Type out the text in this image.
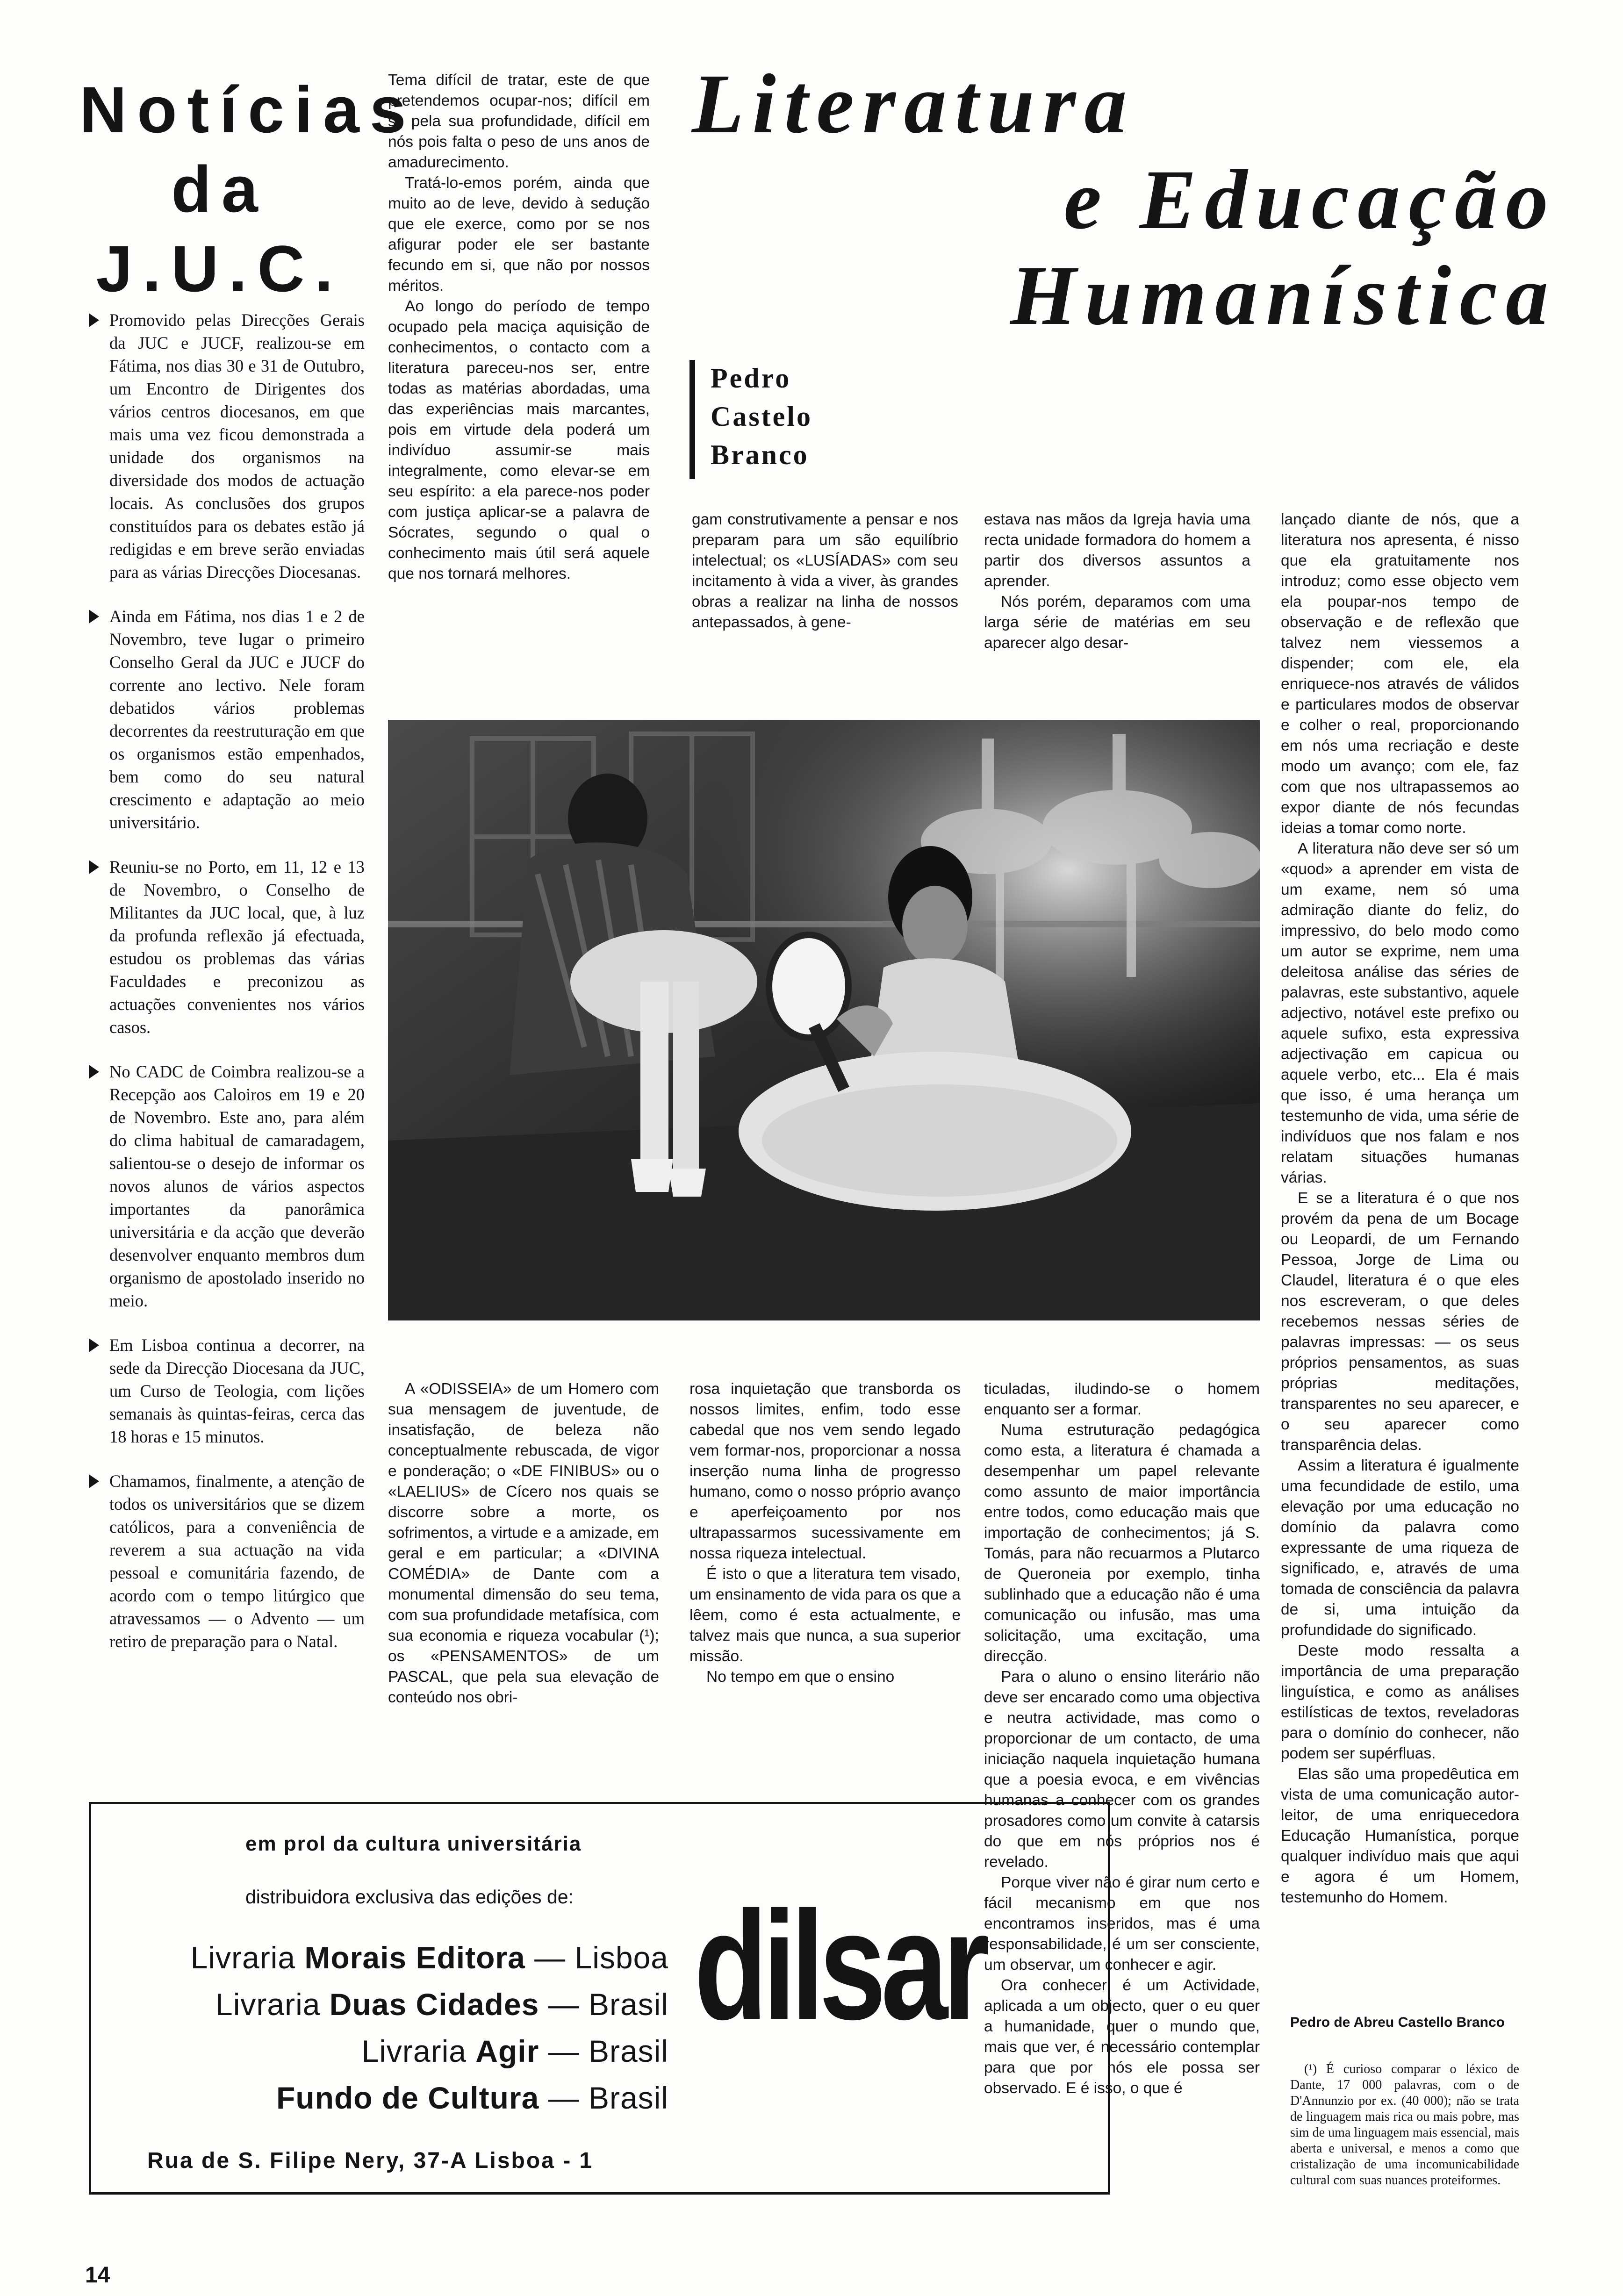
Notícias
da
J.U.C.

Promovido pelas Direcções Gerais da JUC e JUCF, realizou-se em Fátima, nos dias 30 e 31 de Outubro, um Encontro de Dirigentes dos vários centros diocesanos, em que mais uma vez ficou demonstrada a unidade dos organismos na diversidade dos modos de actuação locais. As conclusões dos grupos constituídos para os debates estão já redigidas e em breve serão enviadas para as várias Direcções Diocesanas.

Ainda em Fátima, nos dias 1 e 2 de Novembro, teve lugar o primeiro Conselho Geral da JUC e JUCF do corrente ano lectivo. Nele foram debatidos vários problemas decorrentes da reestruturação em que os organismos estão empenhados, bem como do seu natural crescimento e adaptação ao meio universitário.

Reuniu-se no Porto, em 11, 12 e 13 de Novembro, o Conselho de Militantes da JUC local, que, à luz da profunda reflexão já efectuada, estudou os problemas das várias Faculdades e preconizou as actuações convenientes nos vários casos.

No CADC de Coimbra realizou-se a Recepção aos Caloiros em 19 e 20 de Novembro. Este ano, para além do clima habitual de camaradagem, salientou-se o desejo de informar os novos alunos de vários aspectos importantes da panorâmica universitária e da acção que deverão desenvolver enquanto membros dum organismo de apostolado inserido no meio.

Em Lisboa continua a decorrer, na sede da Direcção Diocesana da JUC, um Curso de Teologia, com lições semanais às quintas-feiras, cerca das 18 horas e 15 minutos.

Chamamos, finalmente, a atenção de todos os universitários que se dizem católicos, para a conveniência de reverem a sua actuação na vida pessoal e comunitária fazendo, de acordo com o tempo litúrgico que atravessamos — o Advento — um retiro de preparação para o Natal.

Tema difícil de tratar, este de que pretendemos ocupar-nos; difícil em si, pela sua profundidade, difícil em nós pois falta o peso de uns anos de amadurecimento.

Tratá-lo-emos porém, ainda que muito ao de leve, devido à sedução que ele exerce, como por se nos afigurar poder ele ser bastante fecundo em si, que não por nossos méritos.

Ao longo do período de tempo ocupado pela maciça aquisição de conhecimentos, o contacto com a literatura pareceu-nos ser, entre todas as matérias abordadas, uma das experiências mais marcantes, pois em virtude dela poderá um indivíduo assumir-se mais integralmente, como elevar-se em seu espírito: a ela parece-nos poder com justiça aplicar-se a palavra de Sócrates, segundo o qual o conhecimento mais útil será aquele que nos tornará melhores.

Literatura
e Educação
Humanística
Pedro
Castelo
Branco

gam construtivamente a pensar e nos preparam para um são equilíbrio intelectual; os «LUSÍADAS» com seu incitamento à vida a viver, às grandes obras a realizar na linha de nossos antepassados, à gene-

estava nas mãos da Igreja havia uma recta unidade formadora do homem a partir dos diversos assuntos a aprender.

Nós porém, deparamos com uma larga série de matérias em seu aparecer algo desar-

lançado diante de nós, que a literatura nos apresenta, é nisso que ela gratuitamente nos introduz; como esse objecto vem ela poupar-nos tempo de observação e de reflexão que talvez nem viessemos a dispender; com ele, ela enriquece-nos através de válidos e particulares modos de observar e colher o real, proporcionando em nós uma recriação e deste modo um avanço; com ele, faz com que nos ultrapassemos ao expor diante de nós fecundas ideias a tomar como norte.

A literatura não deve ser só um «quod» a aprender em vista de um exame, nem só uma admiração diante do feliz, do impressivo, do belo modo como um autor se exprime, nem uma deleitosa análise das séries de palavras, este substantivo, aquele adjectivo, notável este prefixo ou aquele sufixo, esta expressiva adjectivação em capicua ou aquele verbo, etc... Ela é mais que isso, é uma herança um testemunho de vida, uma série de indivíduos que nos falam e nos relatam situações humanas várias.

E se a literatura é o que nos provém da pena de um Bocage ou Leopardi, de um Fernando Pessoa, Jorge de Lima ou Claudel, literatura é o que eles nos escreveram, o que deles recebemos nessas séries de palavras impressas: — os seus próprios pensamentos, as suas próprias meditações, transparentes no seu aparecer, e o seu aparecer como transparência delas.

Assim a literatura é igualmente uma fecundidade de estilo, uma elevação por uma educação no domínio da palavra como expressante de uma riqueza de significado, e, através de uma tomada de consciência da palavra de si, uma intuição da profundidade do significado.

Deste modo ressalta a importância de uma preparação linguística, e como as análises estilísticas de textos, reveladoras para o domínio do conhecer, não podem ser supérfluas.

Elas são uma propedêutica em vista de uma comunicação autor-leitor, de uma enriquecedora Educação Humanística, porque qualquer indivíduo mais que aqui e agora é um Homem, testemunho do Homem.

A «ODISSEIA» de um Homero com sua mensagem de juventude, de insatisfação, de beleza não conceptualmente rebuscada, de vigor e ponderação; o «DE FINIBUS» ou o «LAELIUS» de Cícero nos quais se discorre sobre a morte, os sofrimentos, a virtude e a amizade, em geral e em particular; a «DIVINA COMÉDIA» de Dante com a monumental dimensão do seu tema, com sua profundidade metafísica, com sua economia e riqueza vocabular (¹); os «PENSAMENTOS» de um PASCAL, que pela sua elevação de conteúdo nos obri-

rosa inquietação que transborda os nossos limites, enfim, todo esse cabedal que nos vem sendo legado vem formar-nos, proporcionar a nossa inserção numa linha de progresso humano, como o nosso próprio avanço e aperfeiçoamento por nos ultrapassarmos sucessivamente em nossa riqueza intelectual.

É isto o que a literatura tem visado, um ensinamento de vida para os que a lêem, como é esta actualmente, e talvez mais que nunca, a sua superior missão.

No tempo em que o ensino

ticuladas, iludindo-se o homem enquanto ser a formar.

Numa estruturação pedagógica como esta, a literatura é chamada a desempenhar um papel relevante como assunto de maior importância entre todos, como educação mais que importação de conhecimentos; já S. Tomás, para não recuarmos a Plutarco de Queroneia por exemplo, tinha sublinhado que a educação não é uma comunicação ou infusão, mas uma solicitação, uma excitação, uma direcção.

Para o aluno o ensino literário não deve ser encarado como uma objectiva e neutra actividade, mas como o proporcionar de um contacto, de uma iniciação naquela inquietação humana que a poesia evoca, e em vivências humanas a conhecer com os grandes prosadores como um convite à catarsis do que em nós próprios nos é revelado.

Porque viver não é girar num certo e fácil mecanismo em que nos encontramos inseridos, mas é uma responsabilidade, é um ser consciente, um observar, um conhecer e agir.

Ora conhecer é um Actividade, aplicada a um objecto, quer o eu quer a humanidade, quer o mundo que, mais que ver, é necessário contemplar para que por nós ele possa ser observado. E é isso, o que é

em prol da cultura universitária
distribuidora exclusiva das edições de:
Livraria Morais Editora — Lisboa
Livraria Duas Cidades — Brasil
Livraria Agir — Brasil
Fundo de Cultura — Brasil
Rua de S. Filipe Nery, 37-A Lisboa - 1
dilsar	Pedro de Abreu Castello Branco

(¹) É curioso comparar o léxico de Dante, 17 000 palavras, com o de D'Annunzio por ex. (40 000); não se trata de linguagem mais rica ou mais pobre, mas sim de uma linguagem mais essencial, mais aberta e universal, e menos a como que cristalização de uma incomunicabilidade cultural com suas nuances proteiformes.

14
